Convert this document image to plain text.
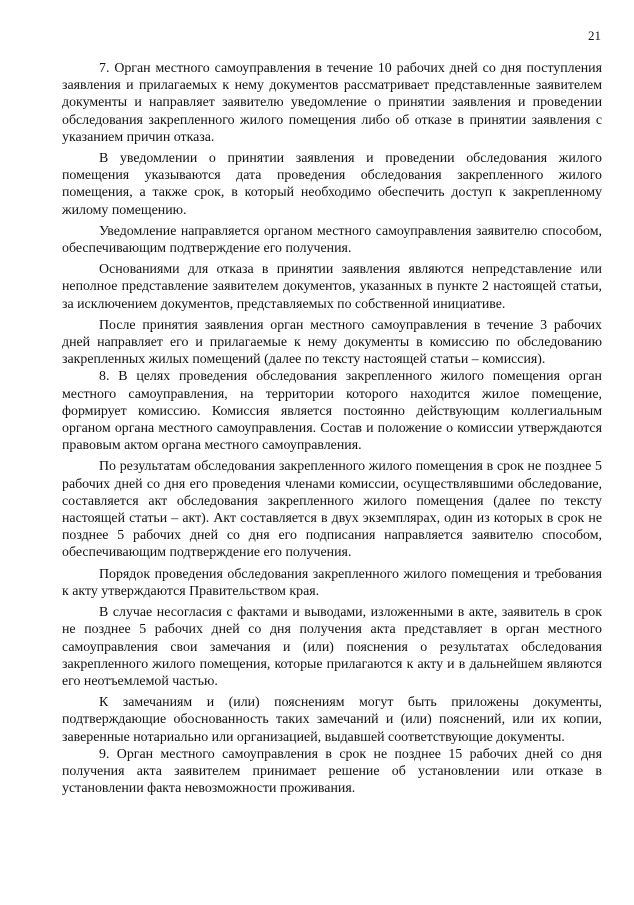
21

7. Орган местного самоуправления в течение 10 рабочих дней со дня поступления заявления и прилагаемых к нему документов рассматривает представленные заявителем документы и направляет заявителю уведомление о принятии заявления и проведении обследования закрепленного жилого помещения либо об отказе в принятии заявления с указанием причин отказа.

В уведомлении о принятии заявления и проведении обследования жилого помещения указываются дата проведения обследования закрепленного жилого помещения, а также срок, в который необходимо обеспечить доступ к закрепленному жилому помещению.

Уведомление направляется органом местного самоуправления заявителю способом, обеспечивающим подтверждение его получения.

Основаниями для отказа в принятии заявления являются непредставление или неполное представление заявителем документов, указанных в пункте 2 настоящей статьи, за исключением документов, представляемых по собственной инициативе.

После принятия заявления орган местного самоуправления в течение 3 рабочих дней направляет его и прилагаемые к нему документы в комиссию по обследованию закрепленных жилых помещений (далее по тексту настоящей статьи – комиссия).

8. В целях проведения обследования закрепленного жилого помещения орган местного самоуправления, на территории которого находится жилое помещение, формирует комиссию. Комиссия является постоянно действующим коллегиальным органом органа местного самоуправления. Состав и положение о комиссии утверждаются правовым актом органа местного самоуправления.

По результатам обследования закрепленного жилого помещения в срок не позднее 5 рабочих дней со дня его проведения членами комиссии, осуществлявшими обследование, составляется акт обследования закрепленного жилого помещения (далее по тексту настоящей статьи – акт). Акт составляется в двух экземплярах, один из которых в срок не позднее 5 рабочих дней со дня его подписания направляется заявителю способом, обеспечивающим подтверждение его получения.

Порядок проведения обследования закрепленного жилого помещения и требования к акту утверждаются Правительством края.

В случае несогласия с фактами и выводами, изложенными в акте, заявитель в срок не позднее 5 рабочих дней со дня получения акта представляет в орган местного самоуправления свои замечания и (или) пояснения о результатах обследования закрепленного жилого помещения, которые прилагаются к акту и в дальнейшем являются его неотъемлемой частью.

К замечаниям и (или) пояснениям могут быть приложены документы, подтверждающие обоснованность таких замечаний и (или) пояснений, или их копии, заверенные нотариально или организацией, выдавшей соответствующие документы.

9. Орган местного самоуправления в срок не позднее 15 рабочих дней со дня получения акта заявителем принимает решение об установлении или отказе в установлении факта невозможности проживания.
